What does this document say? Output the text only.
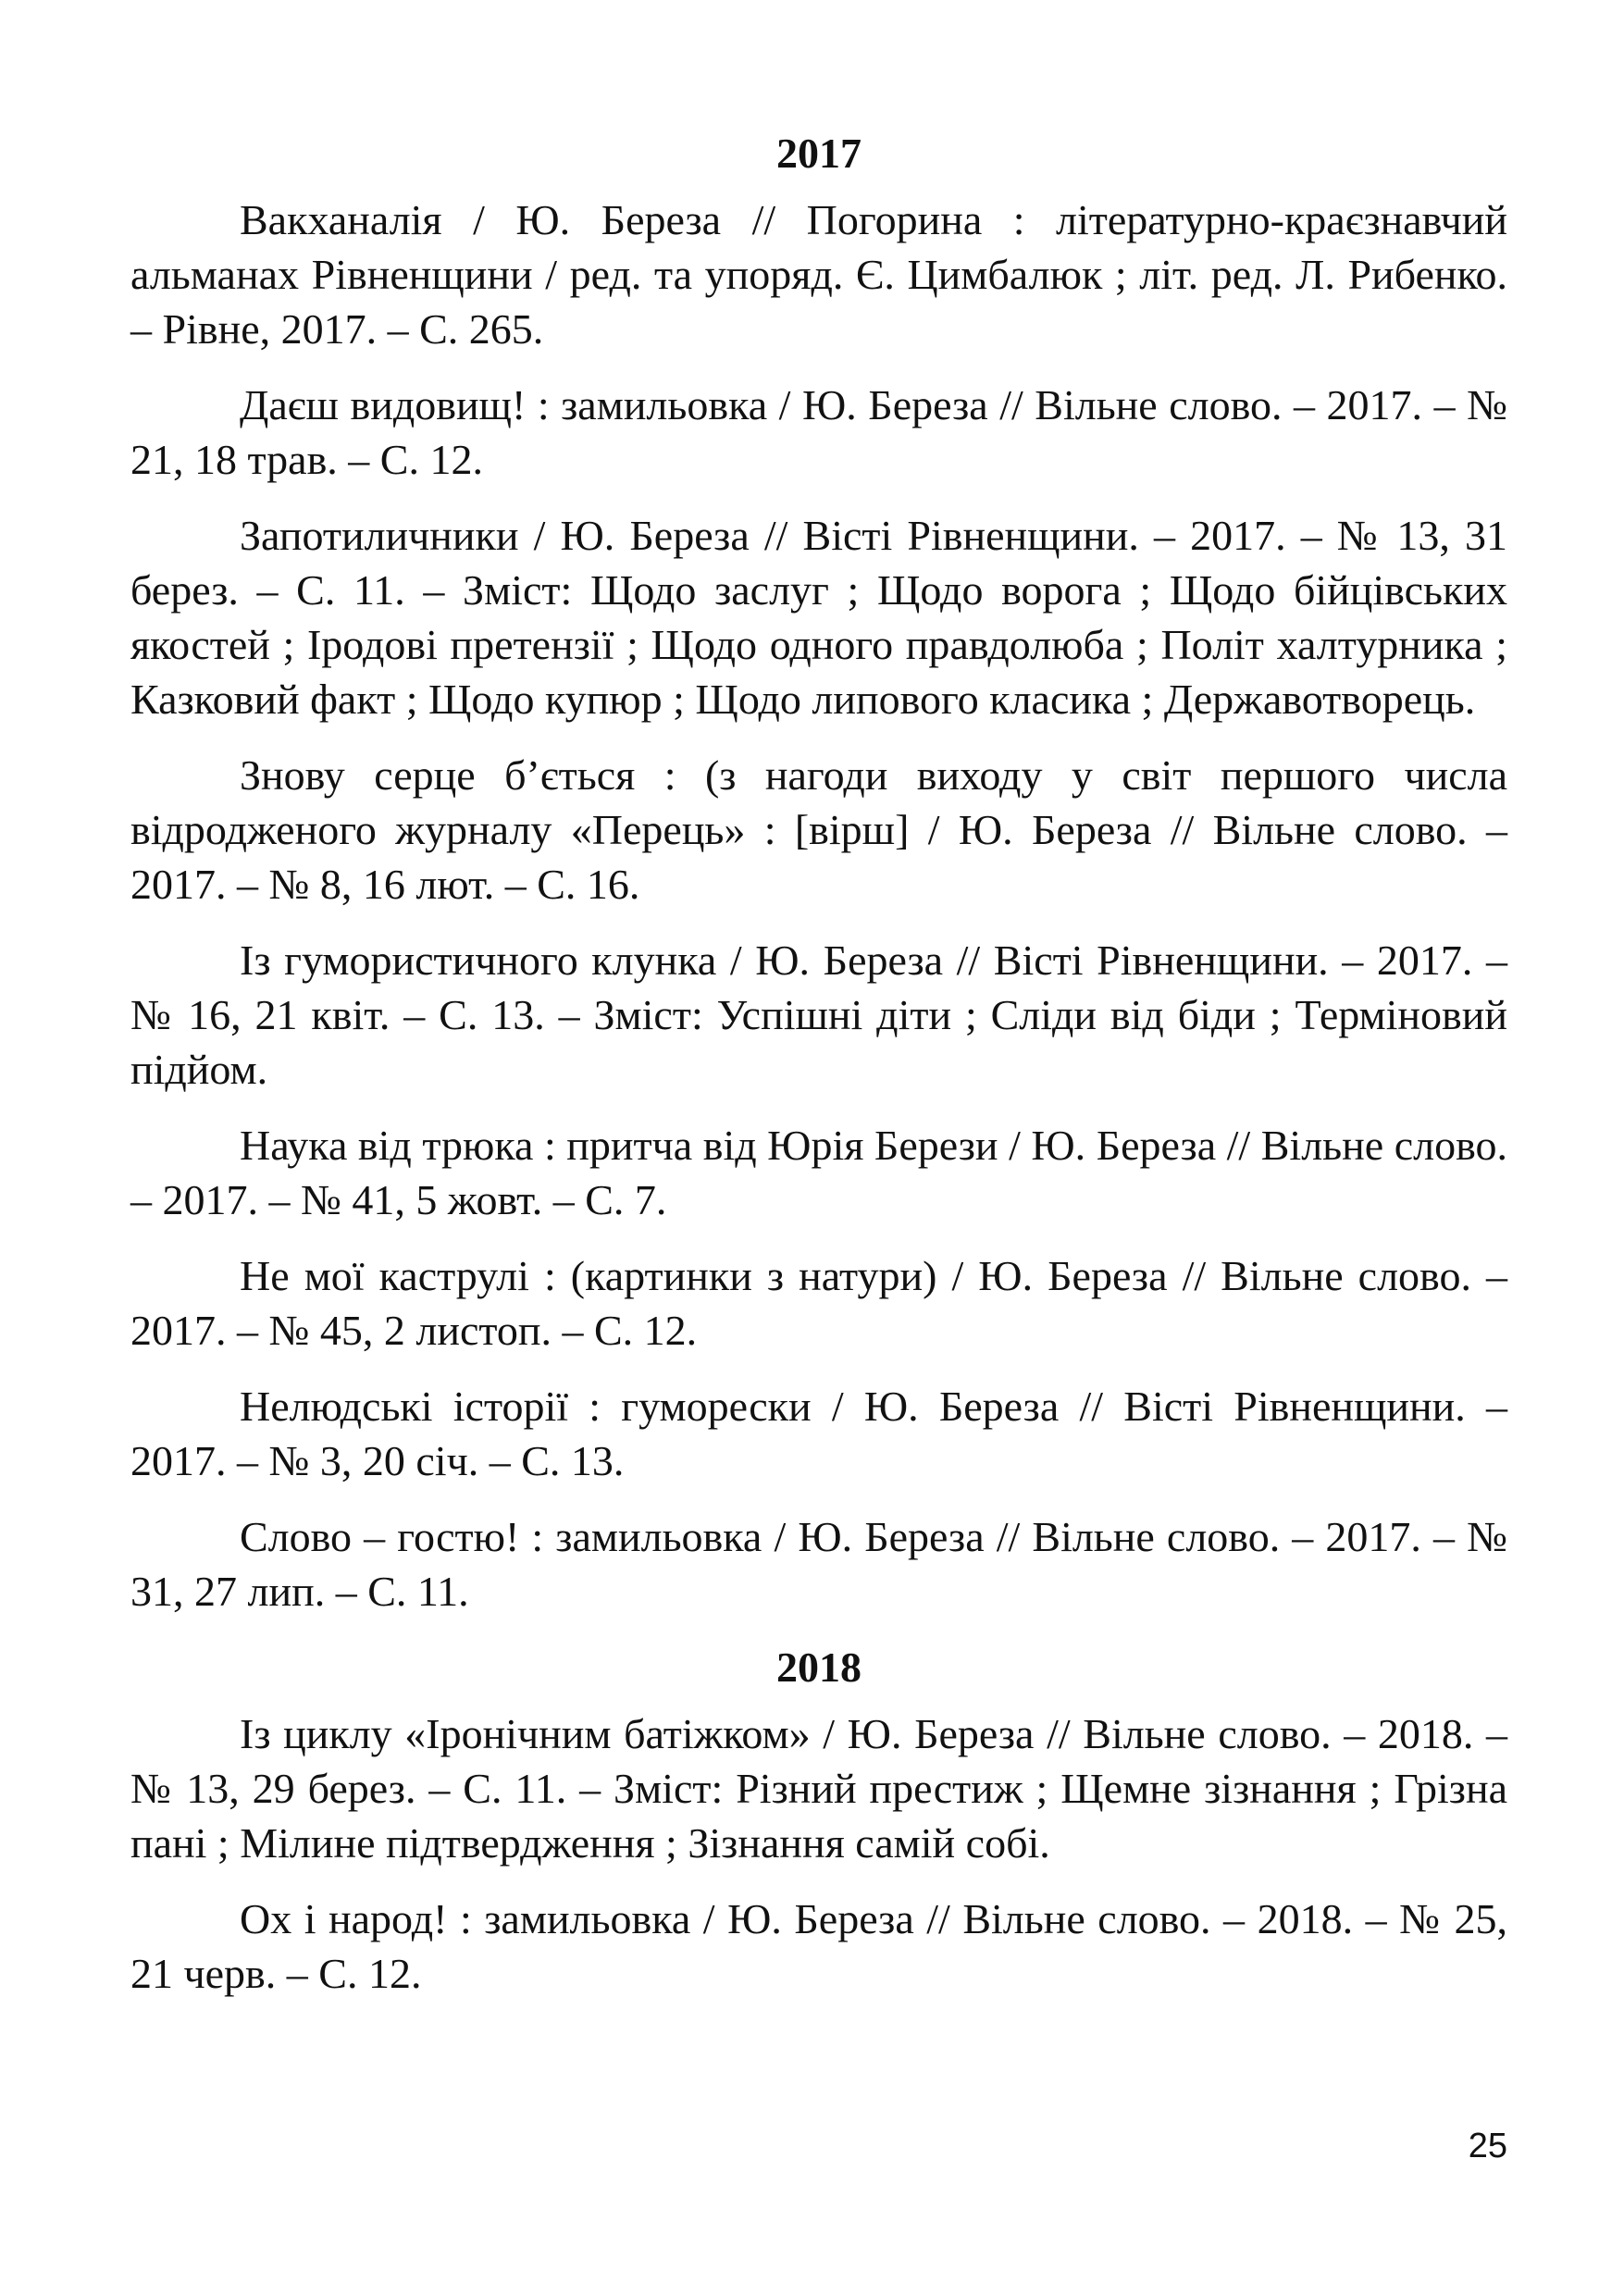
2017

Вакханалія / Ю. Береза // Погорина : літературно-краєзнавчий альманах Рівненщини / ред. та упоряд. Є. Цимбалюк ; літ. ред. Л. Рибенко. – Рівне, 2017. – С. 265.

Даєш видовищ! : замильовка / Ю. Береза // Вільне слово. – 2017. – № 21, 18 трав. – С. 12.

Запотиличники / Ю. Береза // Вісті Рівненщини. – 2017. – № 13, 31 берез. – С. 11. – Зміст: Щодо заслуг ; Щодо ворога ; Щодо бійцівських якостей ; Іродові претензії ; Щодо одного правдолюба ; Політ халтурника ; Казковий факт ; Щодо купюр ; Щодо липового класика ; Державотворець.

Знову серце б’ється : (з нагоди виходу у світ першого числа відродженого журналу «Перець» : [вірш] / Ю. Береза // Вільне слово. – 2017. – № 8, 16 лют. – С. 16.

Із гумористичного клунка / Ю. Береза // Вісті Рівненщини. – 2017. – № 16, 21 квіт. – С. 13. – Зміст: Успішні діти ; Сліди від біди ; Терміновий підйом.

Наука від трюка : притча від Юрія Берези / Ю. Береза // Вільне слово. – 2017. – № 41, 5 жовт. – С. 7.

Не мої каструлі : (картинки з натури) / Ю. Береза // Вільне слово. – 2017. – № 45, 2 листоп. – С. 12.

Нелюдські історії : гуморески / Ю. Береза // Вісті Рівненщини. – 2017. – № 3, 20 січ. – С. 13.

Слово – гостю! : замильовка / Ю. Береза // Вільне слово. – 2017. – № 31, 27 лип. – С. 11.

2018

Із циклу «Іронічним батіжком» / Ю. Береза // Вільне слово. – 2018. – № 13, 29 берез. – С. 11. – Зміст: Різний престиж ; Щемне зізнання ; Грізна пані ; Мілине підтвердження ; Зізнання самій собі.

Ох і народ! : замильовка / Ю. Береза // Вільне слово. – 2018. – № 25, 21 черв. – С. 12.

25
